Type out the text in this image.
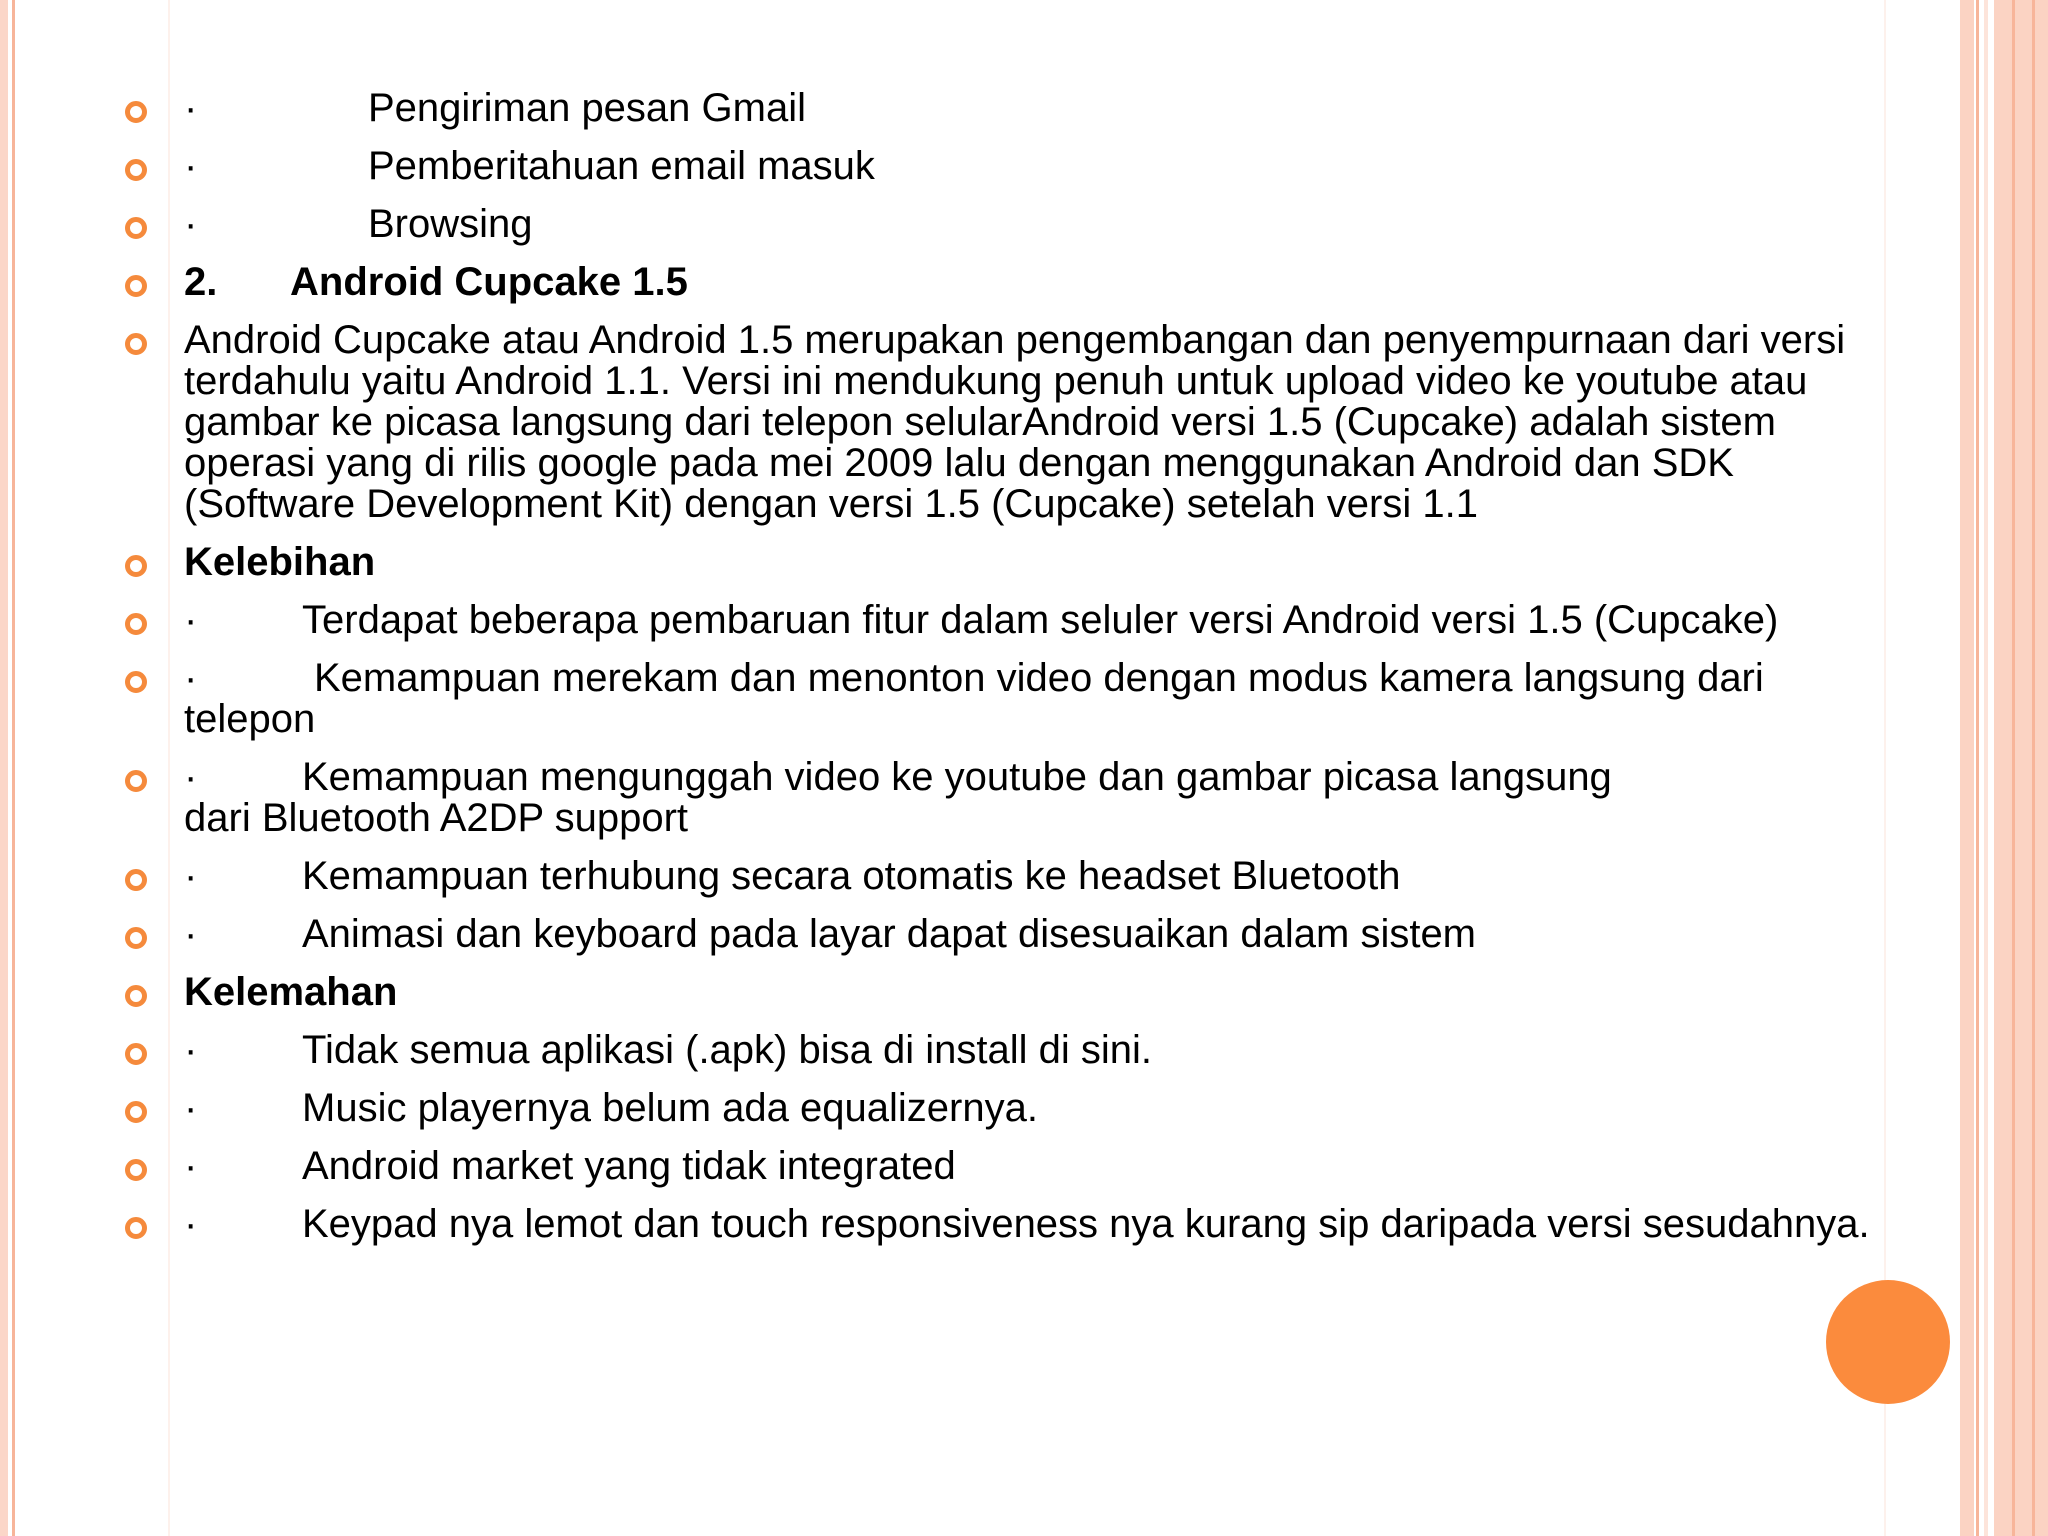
·	Pengiriman pesan Gmail
·	Pemberitahuan email masuk
·	Browsing
2. Android Cupcake 1.5
Android Cupcake atau Android 1.5 merupakan pengembangan dan penyempurnaan dari versi terdahulu yaitu Android 1.1. Versi ini mendukung penuh untuk upload video ke youtube atau gambar ke picasa langsung dari telepon selularAndroid versi 1.5 (Cupcake) adalah sistem operasi yang di rilis google pada mei 2009 lalu dengan menggunakan Android dan SDK (Software Development Kit) dengan versi 1.5 (Cupcake) setelah versi 1.1
Kelebihan
·	Terdapat beberapa pembaruan fitur dalam seluler versi Android versi 1.5 (Cupcake)
·	Kemampuan merekam dan menonton video dengan modus kamera langsung dari telepon
·	Kemampuan mengunggah video ke youtube dan gambar picasa langsung
dari Bluetooth A2DP support
·	Kemampuan terhubung secara otomatis ke headset Bluetooth
·	Animasi dan keyboard pada layar dapat disesuaikan dalam sistem
Kelemahan
·	Tidak semua aplikasi (.apk) bisa di install di sini.
·	Music playernya belum ada equalizernya.
·	Android market yang tidak integrated
·	Keypad nya lemot dan touch responsiveness nya kurang sip daripada versi sesudahnya.
